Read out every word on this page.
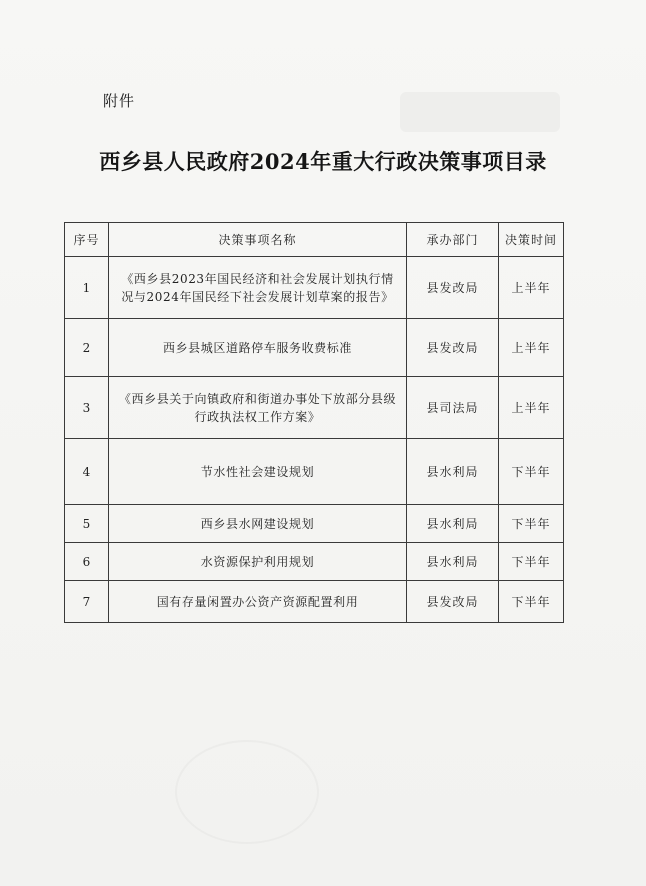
附件
西乡县人民政府2024年重大行政决策事项目录
序号	决策事项名称	承办部门	决策时间
1	《西乡县2023年国民经济和社会发展计划执行情
况与2024年国民经下社会发展计划草案的报告》	县发改局	上半年
2	西乡县城区道路停车服务收费标准	县发改局	上半年
3	《西乡县关于向镇政府和街道办事处下放部分县级
行政执法权工作方案》	县司法局	上半年
4	节水性社会建设规划	县水利局	下半年
5	西乡县水网建设规划	县水利局	下半年
6	水资源保护利用规划	县水利局	下半年
7	国有存量闲置办公资产资源配置利用	县发改局	下半年
